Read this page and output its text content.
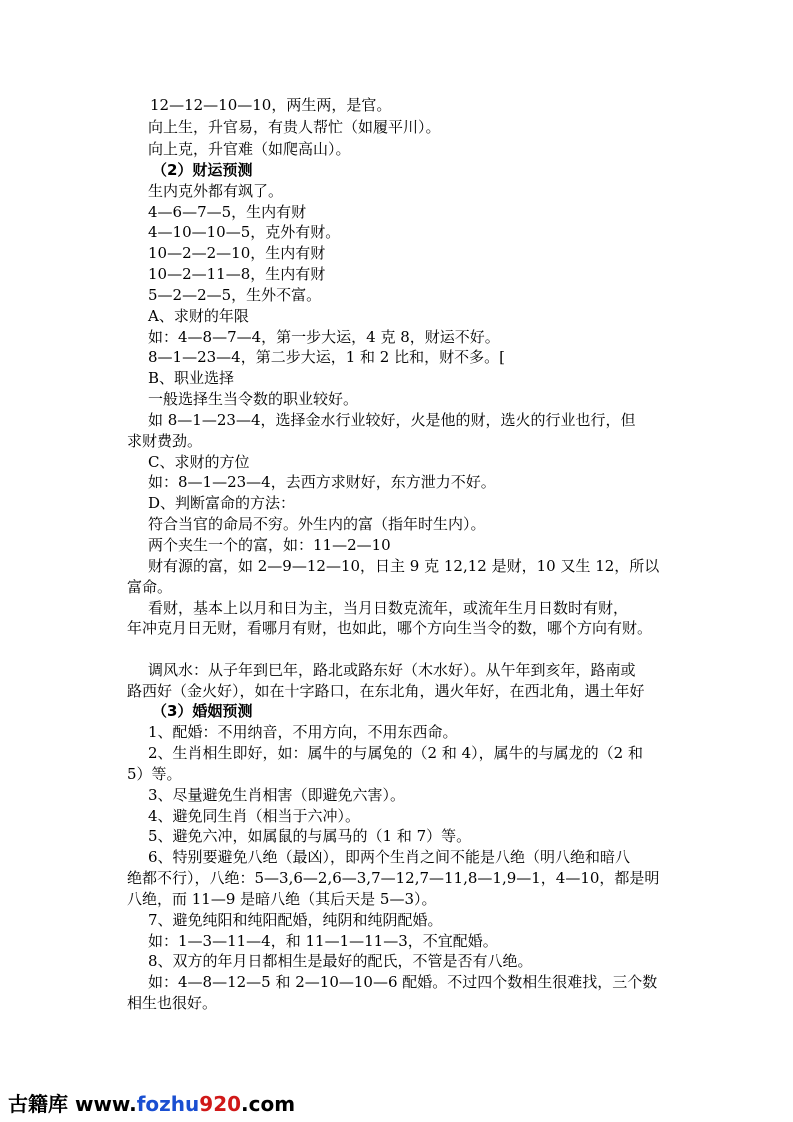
12—12—10—10，两生两，是官。
向上生，升官易，有贵人帮忙（如履平川）。
向上克，升官难（如爬高山）。
（2）财运预测
生内克外都有飒了。
4—6—7—5，生内有财
4—10—10—5，克外有财。
10—2—2—10，生内有财
10—2—11—8，生内有财
5—2—2—5，生外不富。
A、求财的年限
如：4—8—7—4，第一步大运，4 克 8，财运不好。
8—1—23—4，第二步大运，1 和 2 比和，财不多。[
B、职业选择
一般选择生当令数的职业较好。
如 8—1—23—4，选择金水行业较好，火是他的财，选火的行业也行，但
求财费劲。
C、求财的方位
如：8—1—23—4，去西方求财好，东方泄力不好。
D、判断富命的方法：
符合当官的命局不穷。外生内的富（指年时生内）。
两个夹生一个的富，如：11—2—10
财有源的富，如 2—9—12—10，日主 9 克 12,12 是财，10 又生 12，所以
富命。
看财，基本上以月和日为主，当月日数克流年，或流年生月日数时有财，
年冲克月日无财，看哪月有财，也如此，哪个方向生当令的数，哪个方向有财。
调风水：从子年到巳年，路北或路东好（木水好）。从午年到亥年，路南或
路西好（金火好），如在十字路口，在东北角，遇火年好，在西北角，遇土年好
（3）婚姻预测
1、配婚：不用纳音，不用方向，不用东西命。
2、生肖相生即好，如：属牛的与属兔的（2 和 4），属牛的与属龙的（2 和
5）等。
3、尽量避免生肖相害（即避免六害）。
4、避免同生肖（相当于六冲）。
5、避免六冲，如属鼠的与属马的（1 和 7）等。
6、特别要避免八绝（最凶），即两个生肖之间不能是八绝（明八绝和暗八
绝都不行），八绝：5—3,6—2,6—3,7—12,7—11,8—1,9—1，4—10，都是明
八绝，而 11—9 是暗八绝（其后天是 5—3）。
7、避免纯阳和纯阳配婚，纯阴和纯阴配婚。
如：1—3—11—4，和 11—1—11—3，不宜配婚。
8、双方的年月日都相生是最好的配氏，不管是否有八绝。
如：4—8—12—5 和 2—10—10—6 配婚。不过四个数相生很难找，三个数
相生也很好。
古籍库 www.fozhu920.com
